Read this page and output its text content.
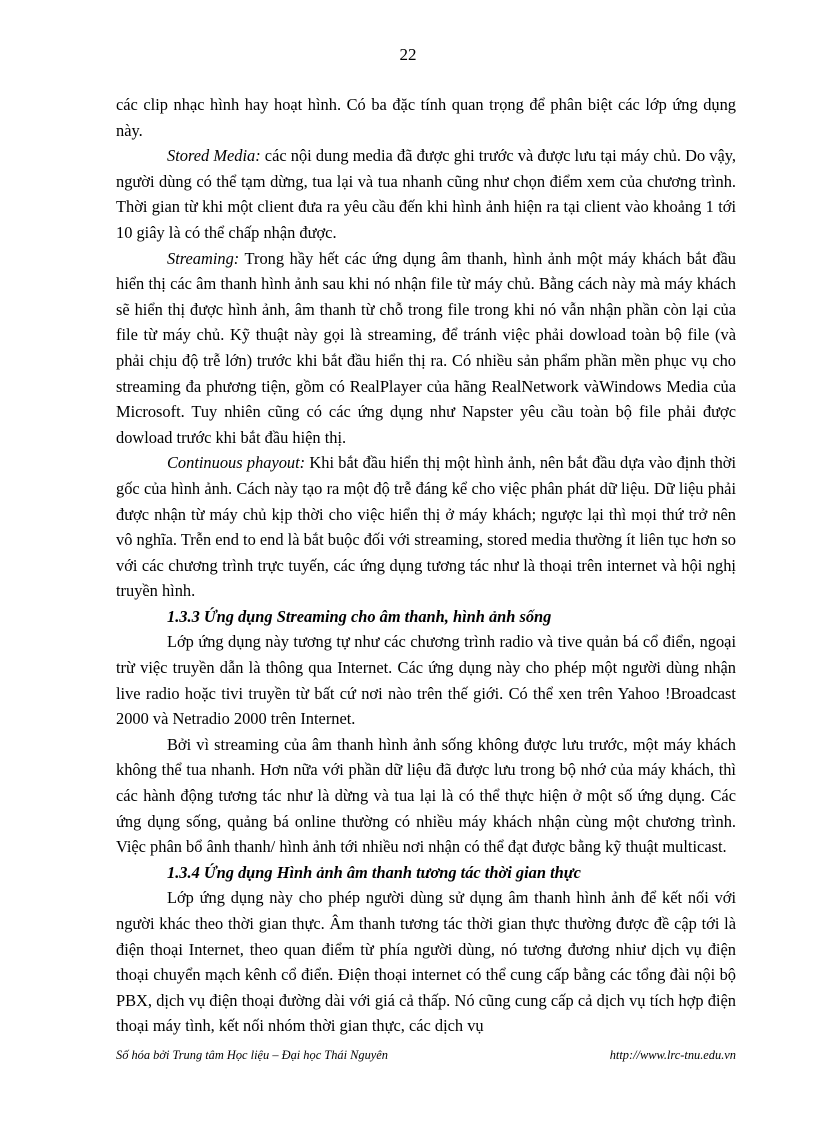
22

các clip nhạc hình hay hoạt hình. Có ba đặc tính quan trọng để phân biệt các lớp ứng dụng này.

Stored Media: các nội dung media đã được ghi trước và được lưu tại máy chủ. Do vậy, người dùng có thể tạm dừng, tua lại và tua nhanh cũng như chọn điểm xem của chương trình. Thời gian từ khi một client đưa ra yêu cầu đến khi hình ảnh hiện ra tại client vào khoảng 1 tới 10 giây là có thể chấp nhận được.

Streaming: Trong hầy hết các ứng dụng âm thanh, hình ảnh một máy khách bắt đầu hiển thị các âm thanh hình ảnh sau khi nó nhận file từ máy chủ. Bằng cách này mà máy khách sẽ hiển thị được hình ảnh, âm thanh từ chỗ trong file trong khi nó vẫn nhận phần còn lại của file từ máy chủ. Kỹ thuật này gọi là streaming, để tránh việc phải dowload toàn bộ file (và phải chịu độ trễ lớn) trước khi bắt đầu hiển thị ra. Có nhiều sản phẩm phần mền phục vụ cho streaming đa phương tiện, gồm có RealPlayer của hãng RealNetwork vàWindows Media của Microsoft. Tuy nhiên cũng có các ứng dụng như Napster yêu cầu toàn bộ file phải được dowload trước khi bắt đầu hiện thị.

Continuous phayout: Khi bắt đầu hiển thị một hình ảnh, nên bắt đầu dựa vào định thời gốc của hình ảnh. Cách này tạo ra một độ trễ đáng kể cho việc phân phát dữ liệu. Dữ liệu phải được nhận từ máy chủ kịp thời cho việc hiển thị ở máy khách; ngược lại thì mọi thứ trở nên vô nghĩa. Trễn end to end là bắt buộc đối với streaming, stored media thường ít liên tục hơn so với các chương trình trực tuyến, các ứng dụng tương tác như là thoại trên internet và hội nghị truyền hình.

1.3.3 Ứng dụng Streaming cho âm thanh, hình ảnh sống

Lớp ứng dụng này tương tự như các chương trình radio và tive quản bá cổ điển, ngoại trừ việc truyền dẫn là thông qua Internet. Các ứng dụng này cho phép một người dùng nhận live radio hoặc tivi truyền từ bất cứ nơi nào trên thế giới. Có thể xen trên Yahoo !Broadcast 2000 và Netradio 2000 trên Internet.

Bởi vì streaming của âm thanh hình ảnh sống không được lưu trước, một máy khách không thể tua nhanh. Hơn nữa với phần dữ liệu đã được lưu trong bộ nhớ của máy khách, thì các hành động tương tác như là dừng và tua lại là có thể thực hiện ở một số ứng dụng. Các ứng dụng sống, quảng bá online thường có nhiều máy khách nhận cùng một chương trình. Việc phân bổ ânh thanh/ hình ảnh tới nhiều nơi nhận có thể đạt được bằng kỹ thuật multicast.

1.3.4 Ứng dụng Hình ảnh âm thanh tương tác thời gian thực

Lớp ứng dụng này cho phép người dùng sử dụng âm thanh hình ảnh để kết nối với người khác theo thời gian thực. Âm thanh tương tác thời gian thực thường được đề cập tới là điện thoại Internet, theo quan điểm từ phía người dùng, nó tương đương nhiư dịch vụ điện thoại chuyển mạch kênh cổ điển. Điện thoại internet có thể cung cấp bằng các tổng đài nội bộ PBX, dịch vụ điện thoại đường dài với giá cả thấp. Nó cũng cung cấp cả dịch vụ tích hợp điện thoại máy tình, kết nối nhóm thời gian thực, các dịch vụ

Số hóa bởi Trung tâm Học liệu – Đại học Thái Nguyên	http://www.lrc-tnu.edu.vn
